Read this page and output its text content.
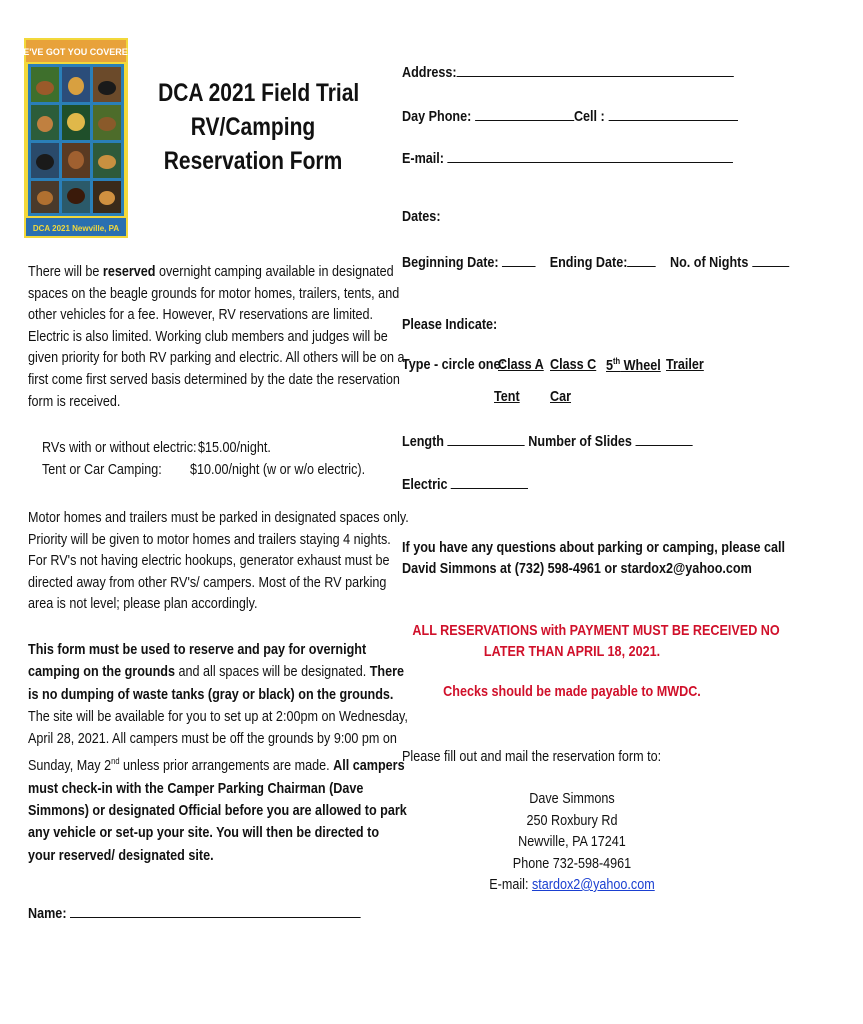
WE'VE GOT YOU COVERED!
DCA 2021 Newville, PA
DCA 2021 Field Trial
RV/Camping
Reservation Form
Address:
Day Phone:	Cell :
E-mail:
Dates:
Beginning Date:	Ending Date:	No. of Nights
Please Indicate:
Type - circle one:
Class A Class C 5th Wheel Trailer
Tent Car
Length	Number of Slides
Electric
If you have any questions about parking or camping, please call
David Simmons at (732) 598-4961 or stardox2@yahoo.com
ALL RESERVATIONS with PAYMENT MUST BE RECEIVED NO
LATER THAN APRIL 18, 2021.
Checks should be made payable to MWDC.
Please fill out and mail the reservation form to:
Dave Simmons
250 Roxbury Rd
Newville, PA 17241
Phone 732-598-4961
E-mail: stardox2@yahoo.com
There will be reserved overnight camping available in designated
spaces on the beagle grounds for motor homes, trailers, tents, and
other vehicles for a fee. However, RV reservations are limited.
Electric is also limited. Working club members and judges will be
given priority for both RV parking and electric. All others will be on a
first come first served basis determined by the date the reservation
form is received.
RVs with or without electric: $15.00/night.
Tent or Car Camping: $10.00/night (w or w/o electric).
Motor homes and trailers must be parked in designated spaces only.
Priority will be given to motor homes and trailers staying 4 nights.
For RV's not having electric hookups, generator exhaust must be
directed away from other RV's/ campers. Most of the RV parking
area is not level; please plan accordingly.
This form must be used to reserve and pay for overnight
camping on the grounds and all spaces will be designated. There
is no dumping of waste tanks (gray or black) on the grounds.
The site will be available for you to set up at 2:00pm on Wednesday,
April 28, 2021. All campers must be off the grounds by 9:00 pm on
Sunday, May 2nd unless prior arrangements are made. All campers
must check-in with the Camper Parking Chairman (Dave
Simmons) or designated Official before you are allowed to park
any vehicle or set-up your site. You will then be directed to
your reserved/ designated site.
Name:
